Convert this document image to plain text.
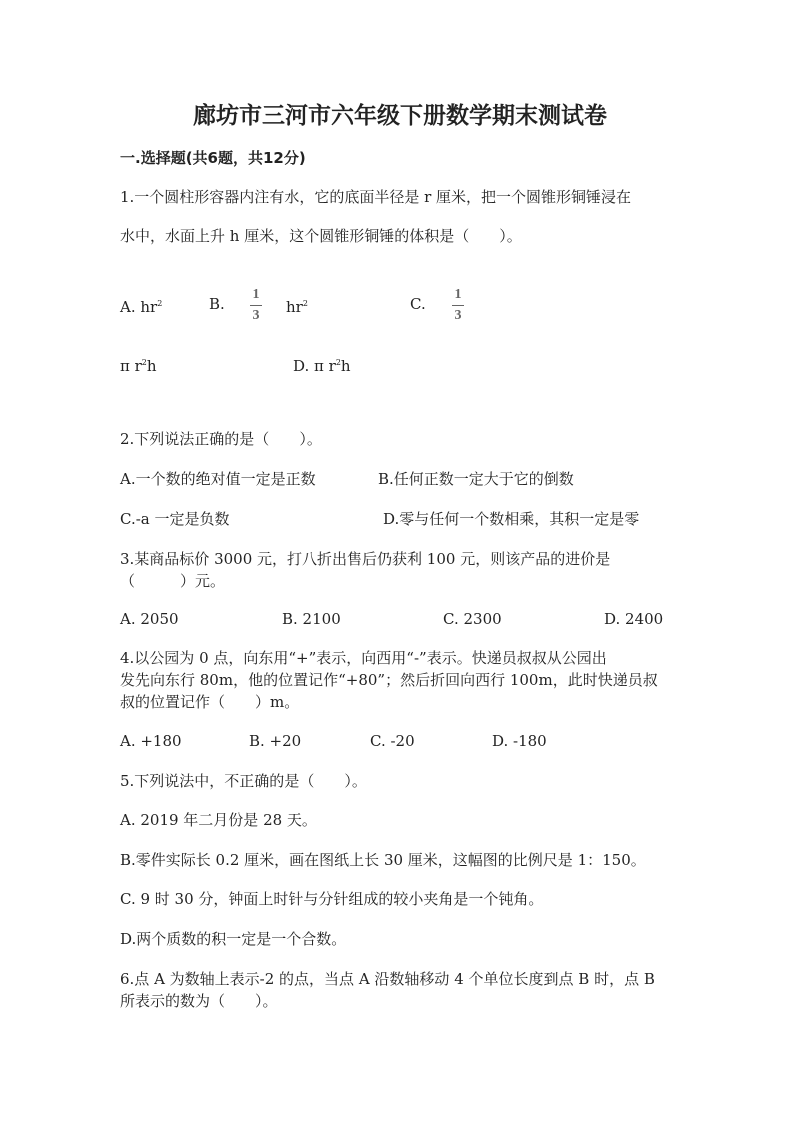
廊坊市三河市六年级下册数学期末测试卷
一.选择题(共6题，共12分)
1.一个圆柱形容器内注有水，它的底面半径是 r 厘米，把一个圆锥形铜锤浸在
水中，水面上升 h 厘米，这个圆锥形铜锤的体积是（　　）。
A. $hr^2$	B.
1
3 $hr^2$	C.
1
3
π $r^2h$	D. π $r^2h$
2.下列说法正确的是（　　）。
A.一个数的绝对值一定是正数	B.任何正数一定大于它的倒数
C.-a 一定是负数	D.零与任何一个数相乘，其积一定是零
3.某商品标价 3000 元，打八折出售后仍获利 100 元，则该产品的进价是
（　　　）元。
A. 2050	B. 2100	C. 2300	D. 2400
4.以公园为 0 点，向东用“+”表示，向西用“-”表示。快递员叔叔从公园出
发先向东行 80m，他的位置记作“+80”；然后折回向西行 100m，此时快递员叔
叔的位置记作（　　）m。
A. +180	B. +20	C. -20	D. -180
5.下列说法中，不正确的是（　　）。
A. 2019 年二月份是 28 天。
B.零件实际长 0.2 厘米，画在图纸上长 30 厘米，这幅图的比例尺是 1：150。
C. 9 时 30 分，钟面上时针与分针组成的较小夹角是一个钝角。
D.两个质数的积一定是一个合数。
6.点 A 为数轴上表示-2 的点，当点 A 沿数轴移动 4 个单位长度到点 B 时，点 B
所表示的数为（　　）。
